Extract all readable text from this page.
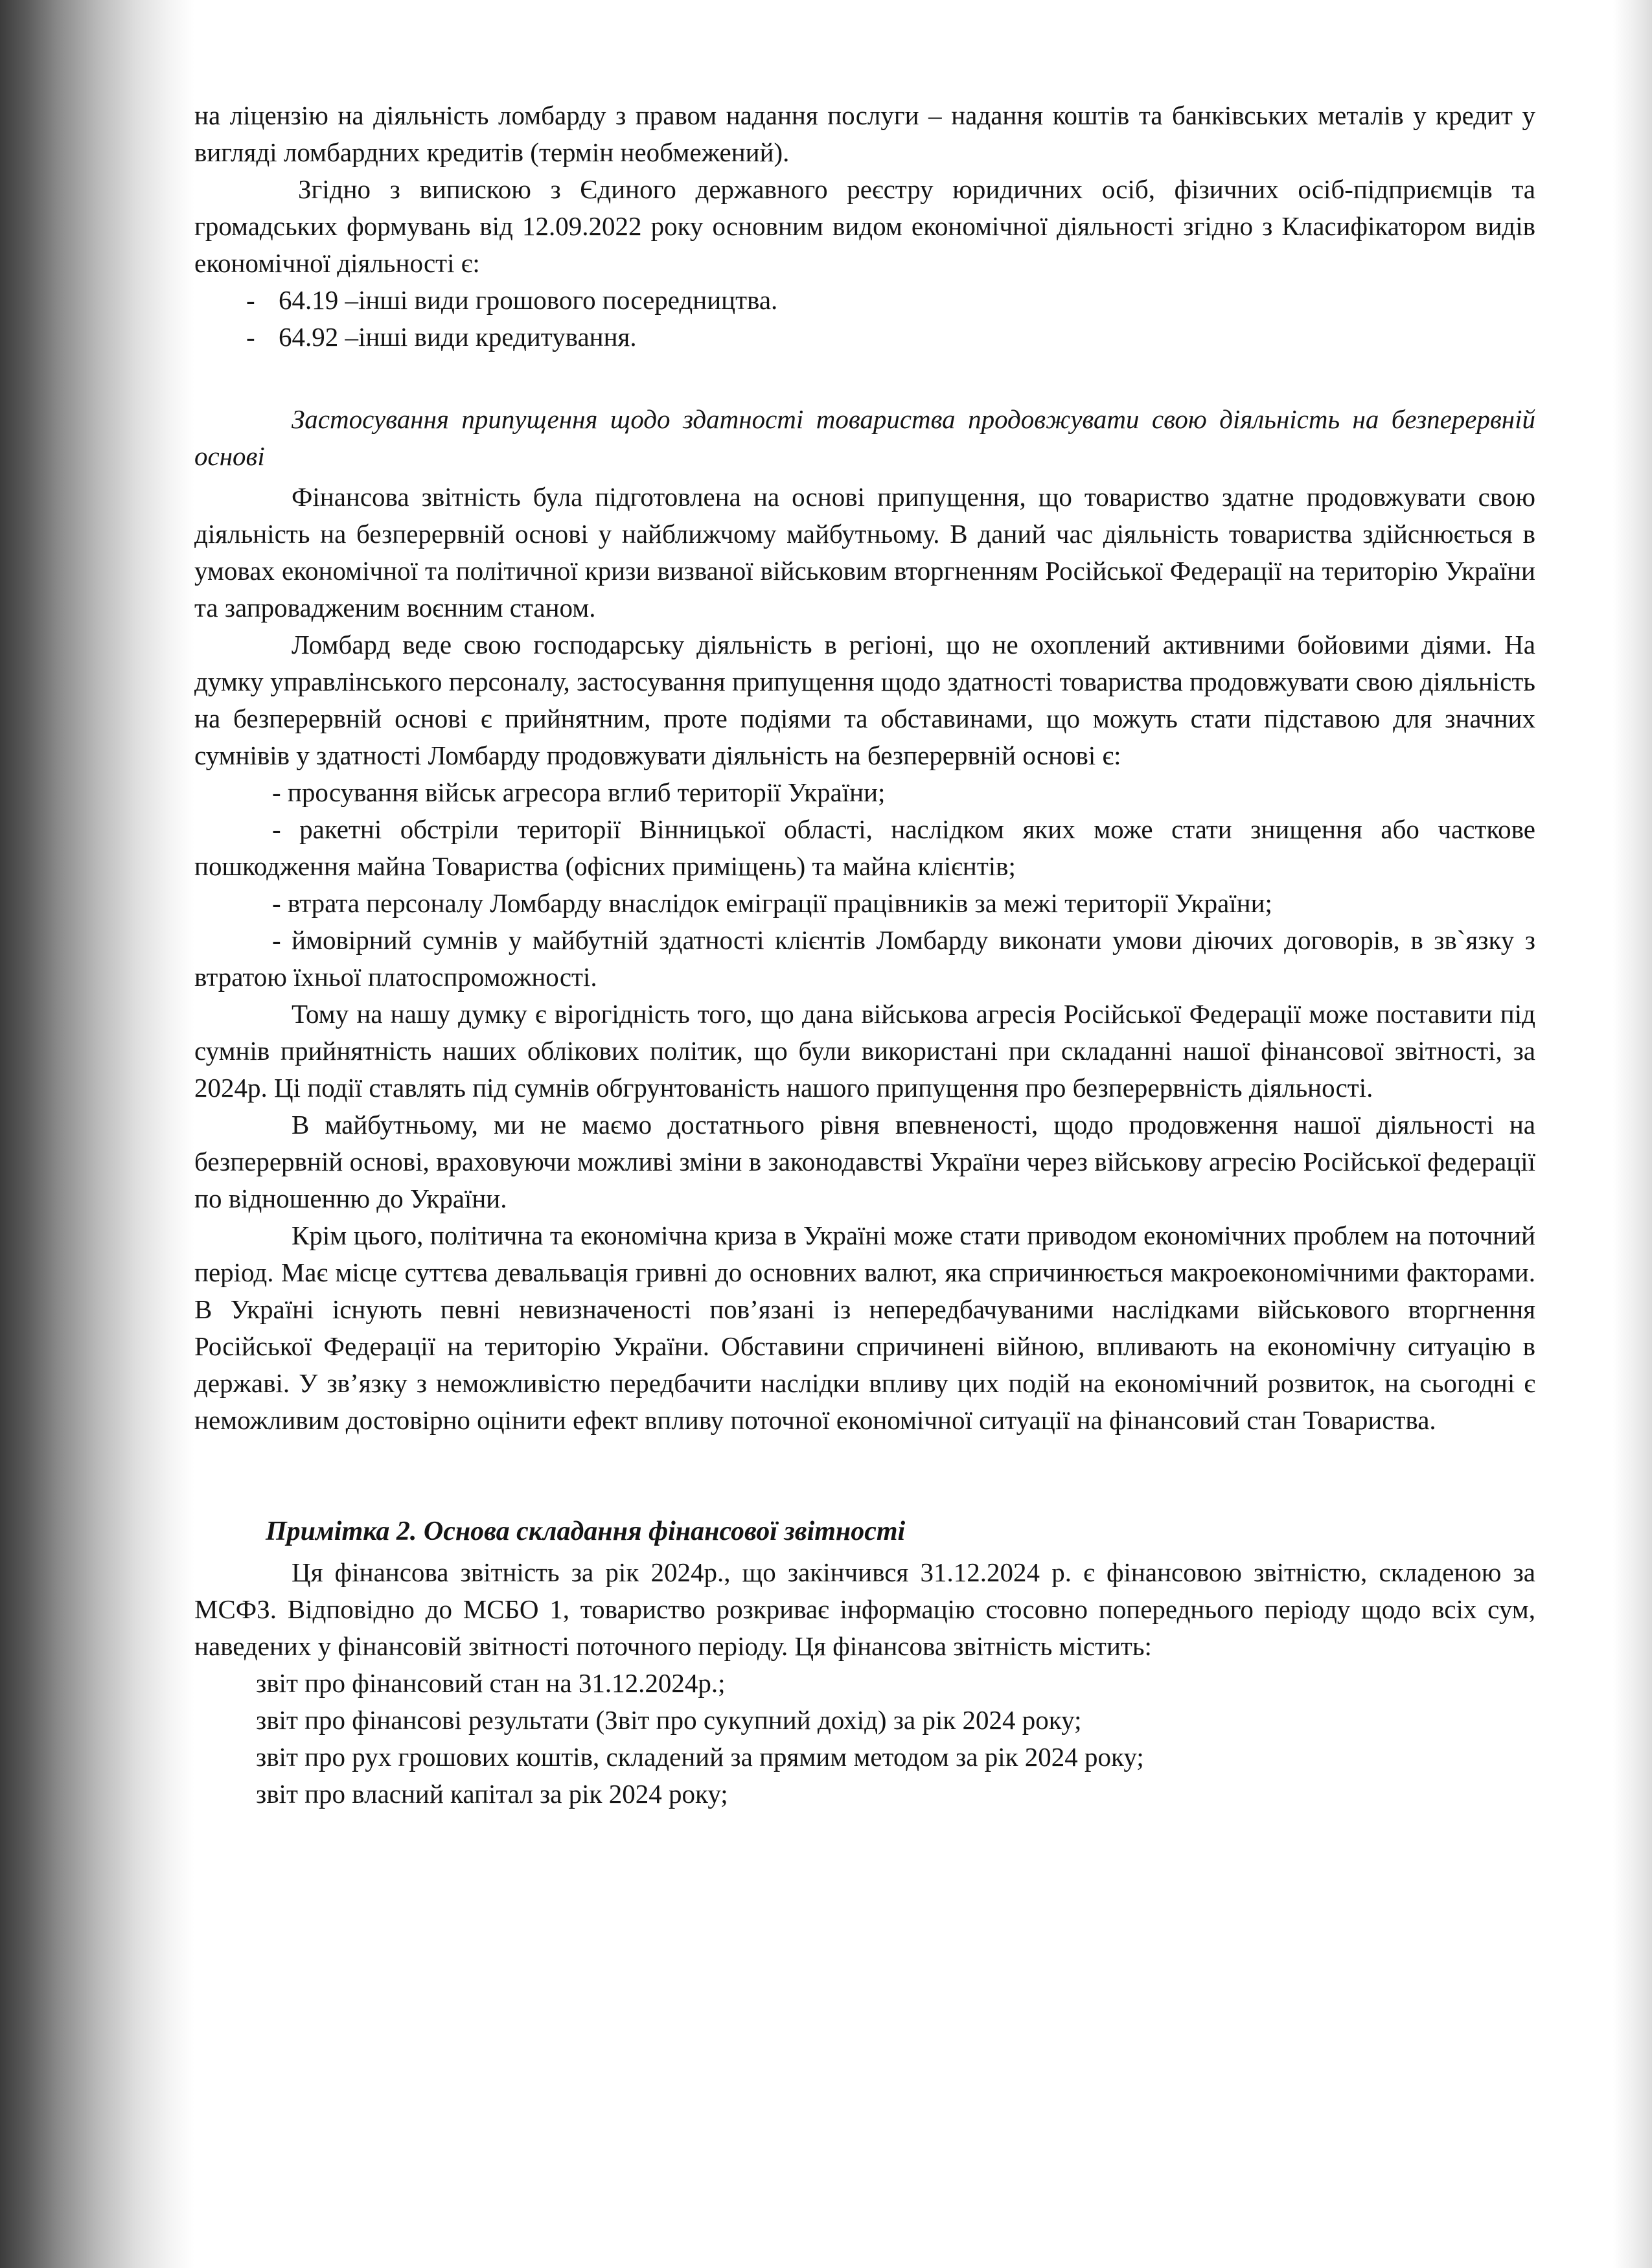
на ліцензію на діяльність ломбарду з правом надання послуги – надання коштів та банківських металів у кредит у вигляді ломбардних кредитів (термін необмежений).

Згідно з випискою з Єдиного державного реєстру юридичних осіб, фізичних осіб-підприємців та громадських формувань від 12.09.2022 року основним видом економічної діяльності згідно з Класифікатором видів економічної діяльності є:

- 64.19 –інші види грошового посередництва.
- 64.92 –інші види кредитування.

Застосування припущення щодо здатності товариства продовжувати свою діяльність на безперервній основі

Фінансова звітність була підготовлена на основі припущення, що товариство здатне продовжувати свою діяльність на безперервній основі у найближчому майбутньому. В даний час діяльність товариства здійснюється в умовах економічної та політичної кризи визваної військовим вторгненням Російської Федерації на територію України та запровадженим воєнним станом.

Ломбард веде свою господарську діяльність в регіоні, що не охоплений активними бойовими діями. На думку управлінського персоналу, застосування припущення щодо здатності товариства продовжувати свою діяльність на безперервній основі є прийнятним, проте подіями та обставинами, що можуть стати підставою для значних сумнівів у здатності Ломбарду продовжувати діяльність на безперервній основі є:

- просування військ агресора вглиб території України;

- ракетні обстріли території Вінницької області, наслідком яких може стати знищення або часткове пошкодження майна Товариства (офісних приміщень) та майна клієнтів;

- втрата персоналу Ломбарду внаслідок еміграції працівників за межі території України;

- ймовірний сумнів у майбутній здатності клієнтів Ломбарду виконати умови діючих договорів, в зв`язку з втратою їхньої платоспроможності.

Тому на нашу думку є вірогідність того, що дана військова агресія Російської Федерації може поставити під сумнів прийнятність наших облікових політик, що були використані при складанні нашої фінансової звітності, за 2024р. Ці події ставлять під сумнів обгрунтованість нашого припущення про безперервність діяльності.

В майбутньому, ми не маємо достатнього рівня впевненості, щодо продовження нашої діяльності на безперервній основі, враховуючи можливі зміни в законодавстві України через військову агресію Російської федерації по відношенню до України.

Крім цього, політична та економічна криза в Україні може стати приводом економічних проблем на поточний період. Має місце суттєва девальвація гривні до основних валют, яка спричинюється макроекономічними факторами. В Україні існують певні невизначеності пов’язані із непередбачуваними наслідками військового вторгнення Російської Федерації на територію України. Обставини спричинені війною, впливають на економічну ситуацію в державі. У зв’язку з неможливістю передбачити наслідки впливу цих подій на економічний розвиток, на сьогодні є неможливим достовірно оцінити ефект впливу поточної економічної ситуації на фінансовий стан Товариства.

Примітка 2. Основа складання фінансової звітності

Ця фінансова звітність за рік 2024р., що закінчився 31.12.2024 р. є фінансовою звітністю, складеною за МСФЗ. Відповідно до МСБО 1, товариство розкриває інформацію стосовно попереднього періоду щодо всіх сум, наведених у фінансовій звітності поточного періоду. Ця фінансова звітність містить:

звіт про фінансовий стан на 31.12.2024р.;

звіт про фінансові результати (Звіт про сукупний дохід) за рік 2024 року;

звіт про рух грошових коштів, складений за прямим методом за рік 2024 року;

звіт про власний капітал за рік 2024 року;
